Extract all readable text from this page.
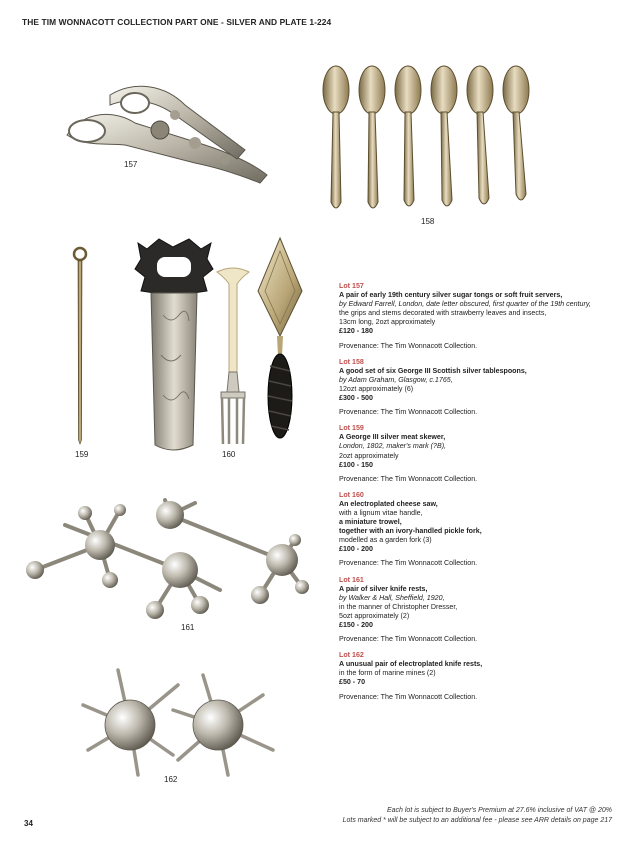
THE TIM WONNACOTT COLLECTION PART ONE - SILVER AND PLATE 1-224
157
158
159	160
161
162
Lot 157
A pair of early 19th century silver sugar tongs or soft fruit servers,
by Edward Farrell, London, date letter obscured, first quarter of the 19th century,
the grips and stems decorated with strawberry leaves and insects,
13cm long, 2ozt approximately
£120 - 180
Provenance: The Tim Wonnacott Collection.
Lot 158
A good set of six George III Scottish silver tablespoons,
by Adam Graham, Glasgow, c.1765,
12ozt approximately (6)
£300 - 500
Provenance: The Tim Wonnacott Collection.
Lot 159
A George III silver meat skewer,
London, 1802, maker's mark (?B),
2ozt approximately
£100 - 150
Provenance: The Tim Wonnacott Collection.
Lot 160
An electroplated cheese saw,
with a lignum vitae handle,
a miniature trowel,
together with an ivory-handled pickle fork,
modelled as a garden fork (3)
£100 - 200
Provenance: The Tim Wonnacott Collection.
Lot 161
A pair of silver knife rests,
by Walker & Hall, Sheffield, 1920,
in the manner of Christopher Dresser,
5ozt approximately (2)
£150 - 200
Provenance: The Tim Wonnacott Collection.
Lot 162
A unusual pair of electroplated knife rests,
in the form of marine mines (2)
£50 - 70
Provenance: The Tim Wonnacott Collection.
34
Each lot is subject to Buyer's Premium at 27.6% inclusive of VAT @ 20%
Lots marked * will be subject to an additional fee - please see ARR details on page 217
